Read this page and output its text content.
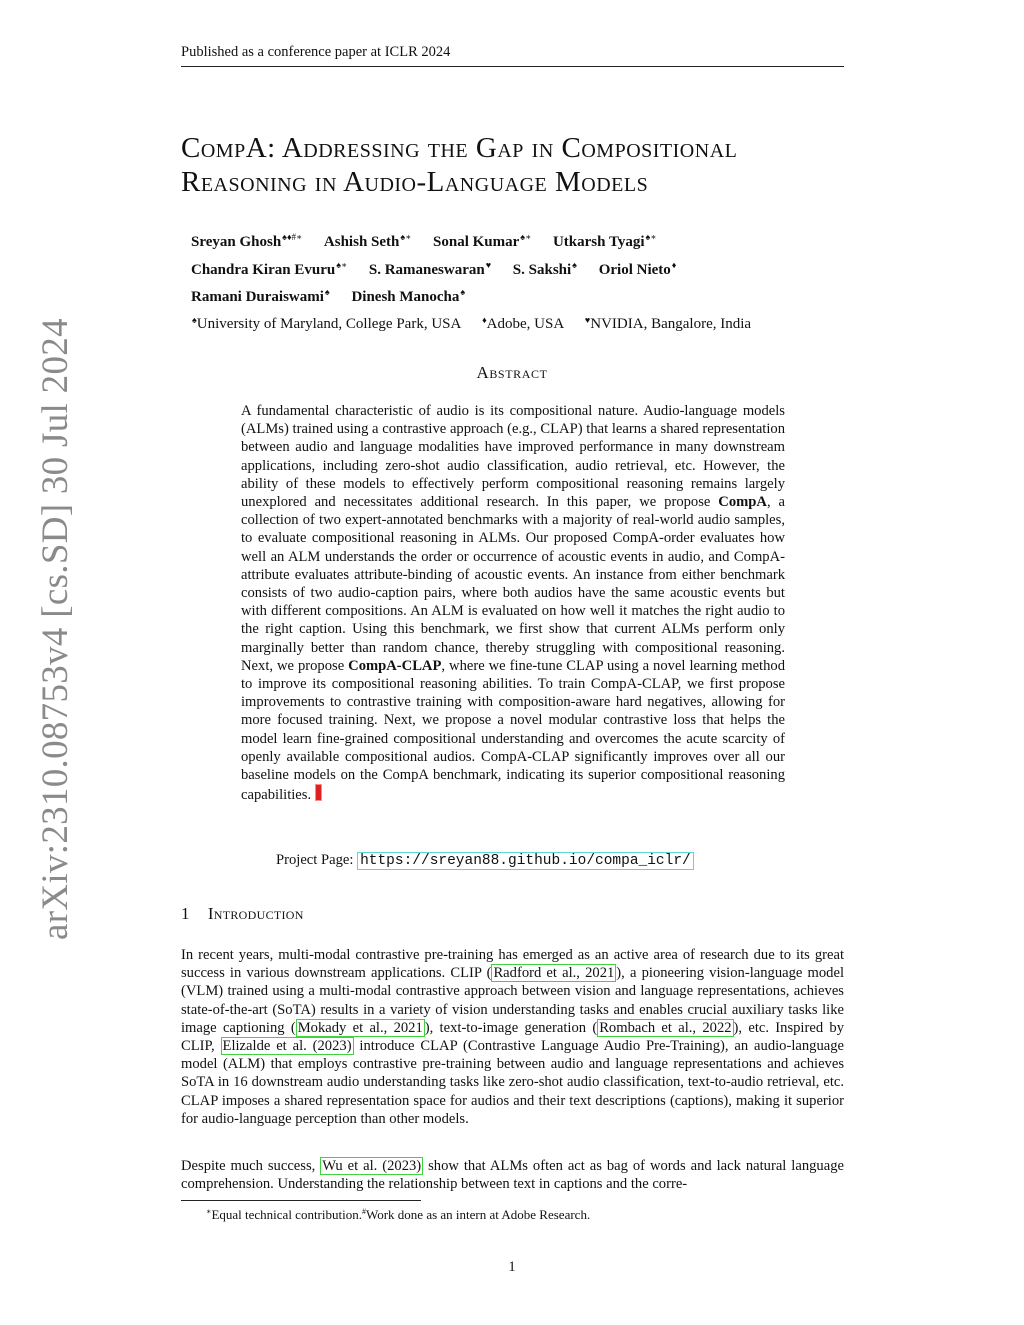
Published as a conference paper at ICLR 2024
CompA: Addressing the Gap in Compositional
Reasoning in Audio-Language Models
Sreyan Ghosh♠♦#∗ Ashish Seth♠∗ Sonal Kumar♠∗ Utkarsh Tyagi♠∗
Chandra Kiran Evuru♠∗ S. Ramaneswaran♥ S. Sakshi♠ Oriol Nieto♦
Ramani Duraiswami♠ Dinesh Manocha♠
♠University of Maryland, College Park, USA ♦Adobe, USA ♥NVIDIA, Bangalore, India
arXiv:2310.08753v4 [cs.SD] 30 Jul 2024	Abstract
A fundamental characteristic of audio is its compositional nature. Audio-language models (ALMs) trained using a contrastive approach (e.g., CLAP) that learns a shared representation between audio and language modalities have improved performance in many downstream applications, including zero-shot audio classification, audio retrieval, etc. However, the ability of these models to effectively perform compositional reasoning remains largely unexplored and necessitates additional research. In this paper, we propose CompA, a collection of two expert-annotated benchmarks with a majority of real-world audio samples, to evaluate compositional reasoning in ALMs. Our proposed CompA-order evaluates how well an ALM understands the order or occurrence of acoustic events in audio, and CompA-attribute evaluates attribute-binding of acoustic events. An instance from either benchmark consists of two audio-caption pairs, where both audios have the same acoustic events but with different compositions. An ALM is evaluated on how well it matches the right audio to the right caption. Using this benchmark, we first show that current ALMs perform only marginally better than random chance, thereby struggling with compositional reasoning. Next, we propose CompA-CLAP, where we fine-tune CLAP using a novel learning method to improve its compositional reasoning abilities. To train CompA-CLAP, we first propose improvements to contrastive training with composition-aware hard negatives, allowing for more focused training. Next, we propose a novel modular contrastive loss that helps the model learn fine-grained compositional understanding and overcomes the acute scarcity of openly available compositional audios. CompA-CLAP significantly improves over all our baseline models on the CompA benchmark, indicating its superior compositional reasoning capabilities.
Project Page: https://sreyan88.github.io/compa_iclr/
1 Introduction
In recent years, multi-modal contrastive pre-training has emerged as an active area of research due to its great success in various downstream applications. CLIP ( Radford et al., 2021 ), a pioneering vision-language model (VLM) trained using a multi-modal contrastive approach between vision and language representations, achieves state-of-the-art (SoTA) results in a variety of vision understanding tasks and enables crucial auxiliary tasks like image captioning ( Mokady et al., 2021 ), text-to-image generation ( Rombach et al., 2022 ), etc. Inspired by CLIP, Elizalde et al. (2023) introduce CLAP (Contrastive Language Audio Pre-Training), an audio-language model (ALM) that employs contrastive pre-training between audio and language representations and achieves SoTA in 16 downstream audio understanding tasks like zero-shot audio classification, text-to-audio retrieval, etc. CLAP imposes a shared representation space for audios and their text descriptions (captions), making it superior for audio-language perception than other models.
Despite much success, Wu et al. (2023) show that ALMs often act as bag of words and lack natural language comprehension. Understanding the relationship between text in captions and the corre-
∗Equal technical contribution.#Work done as an intern at Adobe Research.
1
